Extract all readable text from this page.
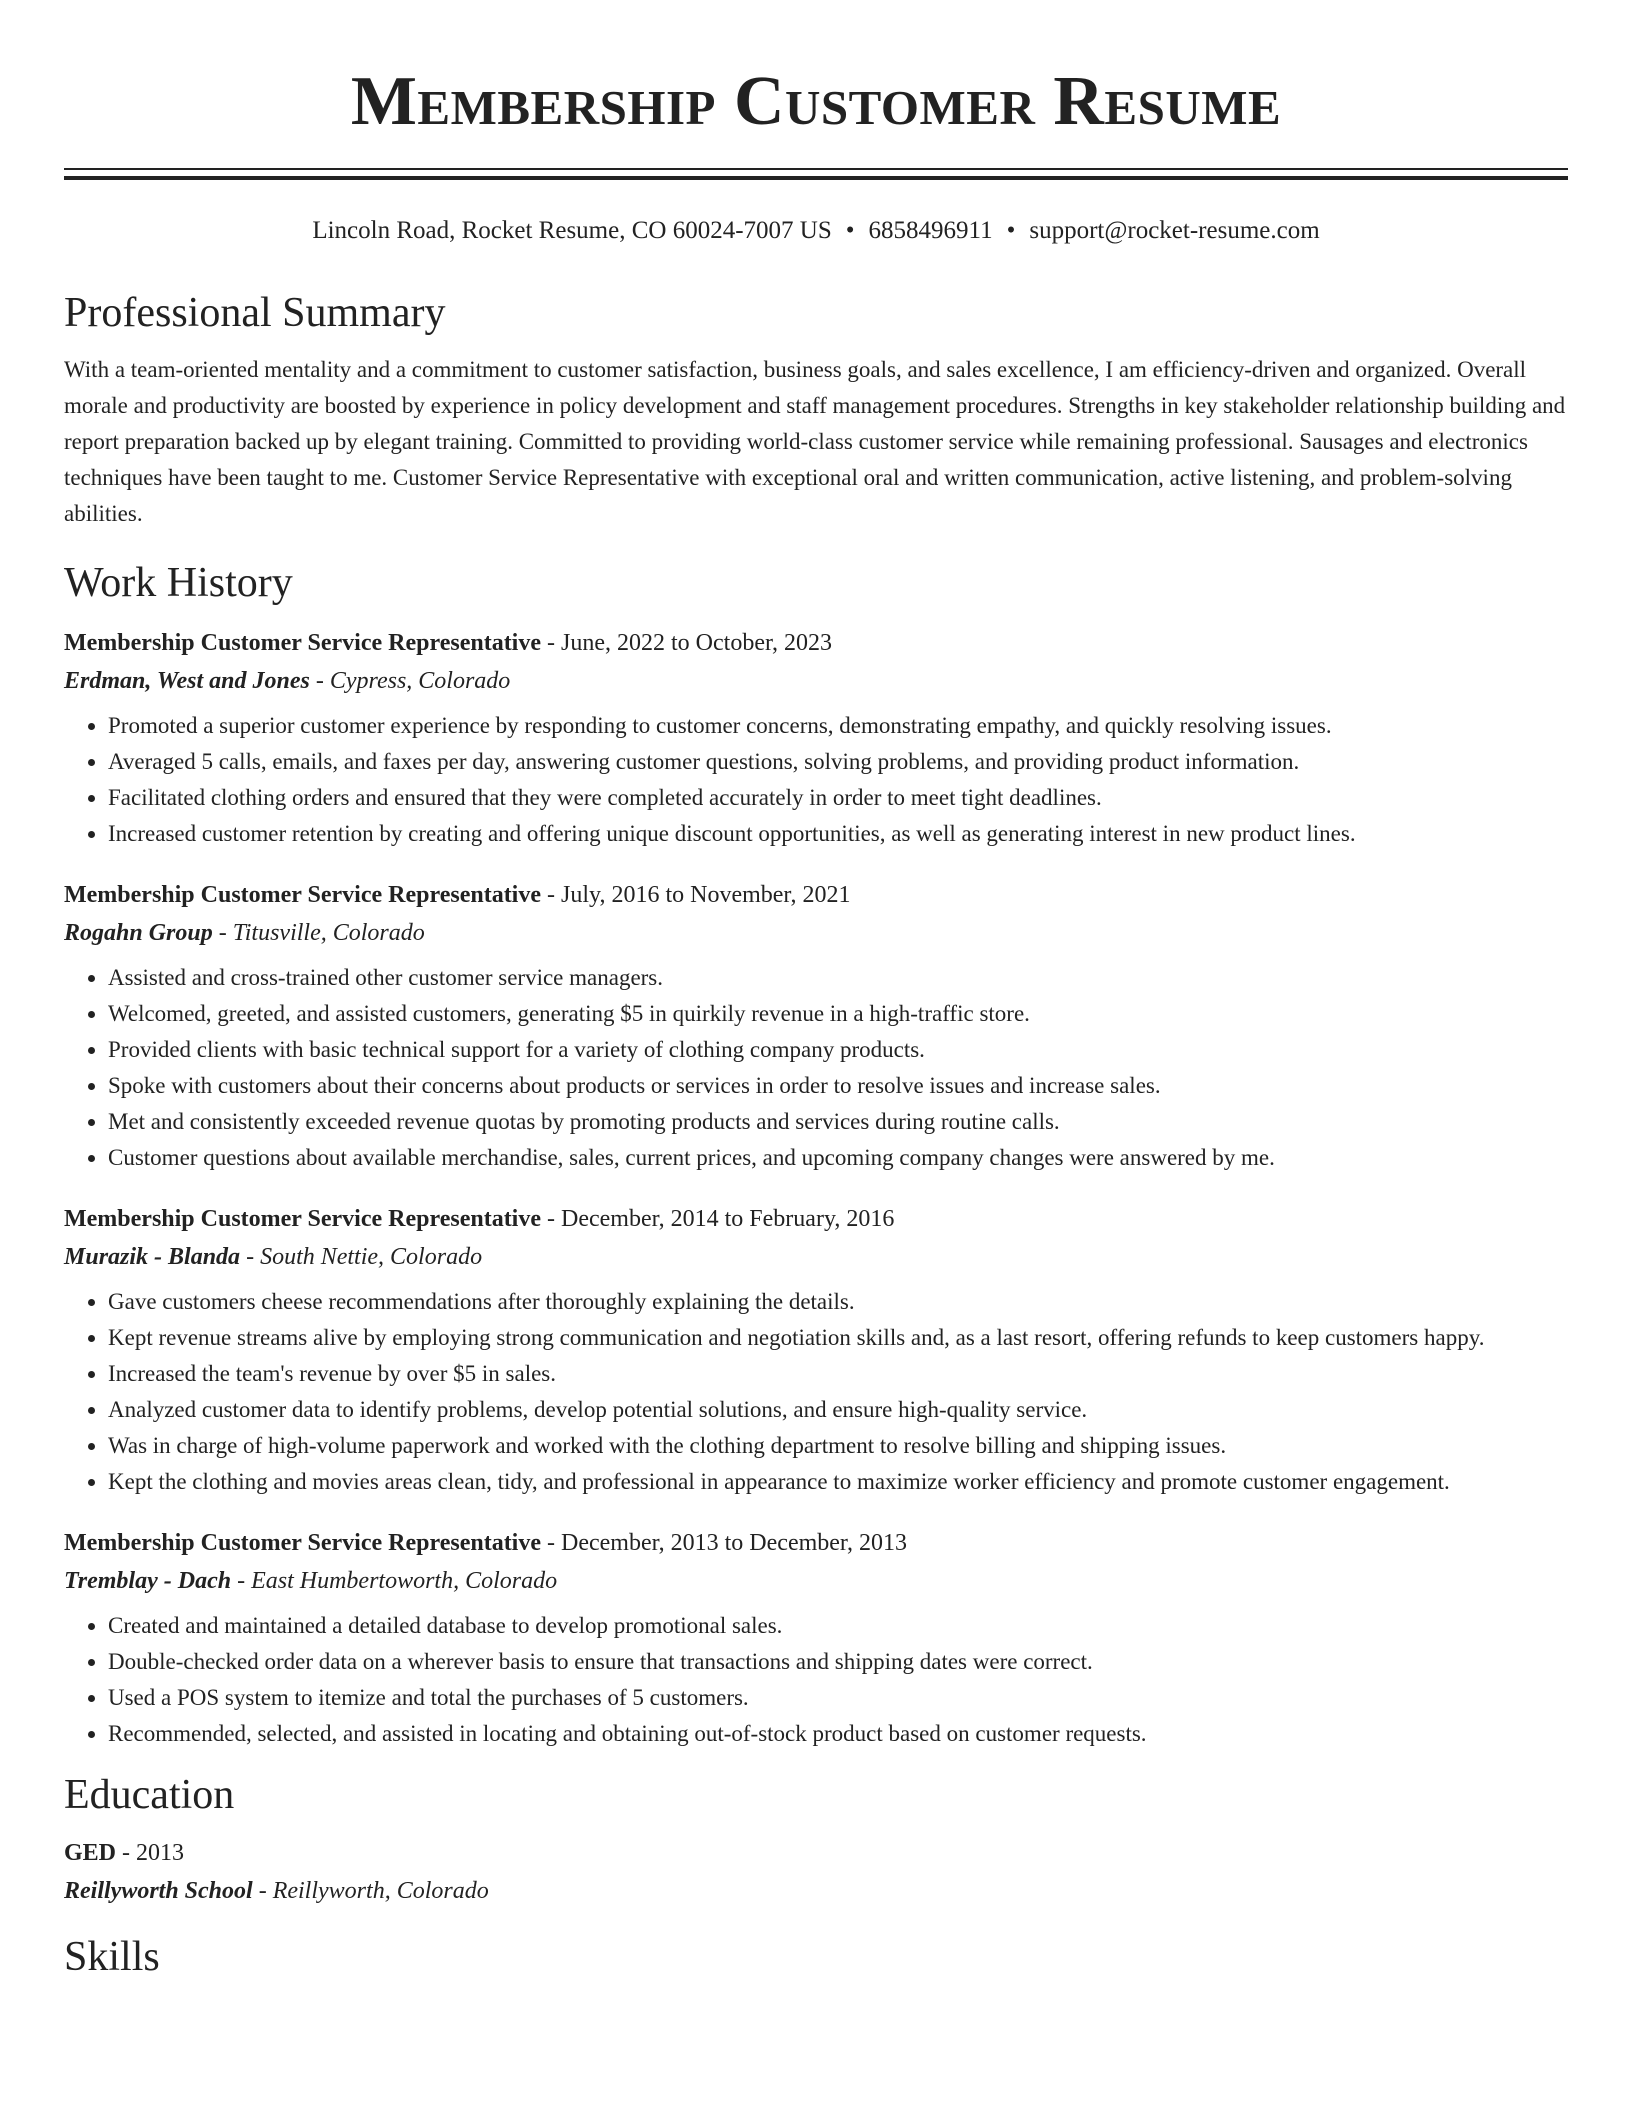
Membership Customer Resume
Lincoln Road, Rocket Resume, CO 60024-7007 US • 6858496911 • support@rocket-resume.com
Professional Summary
With a team-oriented mentality and a commitment to customer satisfaction, business goals, and sales excellence, I am efficiency-driven and organized. Overall morale and productivity are boosted by experience in policy development and staff management procedures. Strengths in key stakeholder relationship building and report preparation backed up by elegant training. Committed to providing world-class customer service while remaining professional. Sausages and electronics techniques have been taught to me. Customer Service Representative with exceptional oral and written communication, active listening, and problem-solving abilities.
Work History
Membership Customer Service Representative - June, 2022 to October, 2023
Erdman, West and Jones - Cypress, Colorado
• Promoted a superior customer experience by responding to customer concerns, demonstrating empathy, and quickly resolving issues.
• Averaged 5 calls, emails, and faxes per day, answering customer questions, solving problems, and providing product information.
• Facilitated clothing orders and ensured that they were completed accurately in order to meet tight deadlines.
• Increased customer retention by creating and offering unique discount opportunities, as well as generating interest in new product lines.
Membership Customer Service Representative - July, 2016 to November, 2021
Rogahn Group - Titusville, Colorado
• Assisted and cross-trained other customer service managers.
• Welcomed, greeted, and assisted customers, generating $5 in quirkily revenue in a high-traffic store.
• Provided clients with basic technical support for a variety of clothing company products.
• Spoke with customers about their concerns about products or services in order to resolve issues and increase sales.
• Met and consistently exceeded revenue quotas by promoting products and services during routine calls.
• Customer questions about available merchandise, sales, current prices, and upcoming company changes were answered by me.
Membership Customer Service Representative - December, 2014 to February, 2016
Murazik - Blanda - South Nettie, Colorado
• Gave customers cheese recommendations after thoroughly explaining the details.
• Kept revenue streams alive by employing strong communication and negotiation skills and, as a last resort, offering refunds to keep customers happy.
• Increased the team's revenue by over $5 in sales.
• Analyzed customer data to identify problems, develop potential solutions, and ensure high-quality service.
• Was in charge of high-volume paperwork and worked with the clothing department to resolve billing and shipping issues.
• Kept the clothing and movies areas clean, tidy, and professional in appearance to maximize worker efficiency and promote customer engagement.
Membership Customer Service Representative - December, 2013 to December, 2013
Tremblay - Dach - East Humbertoworth, Colorado
• Created and maintained a detailed database to develop promotional sales.
• Double-checked order data on a wherever basis to ensure that transactions and shipping dates were correct.
• Used a POS system to itemize and total the purchases of 5 customers.
• Recommended, selected, and assisted in locating and obtaining out-of-stock product based on customer requests.
Education
GED - 2013
Reillyworth School - Reillyworth, Colorado
Skills
